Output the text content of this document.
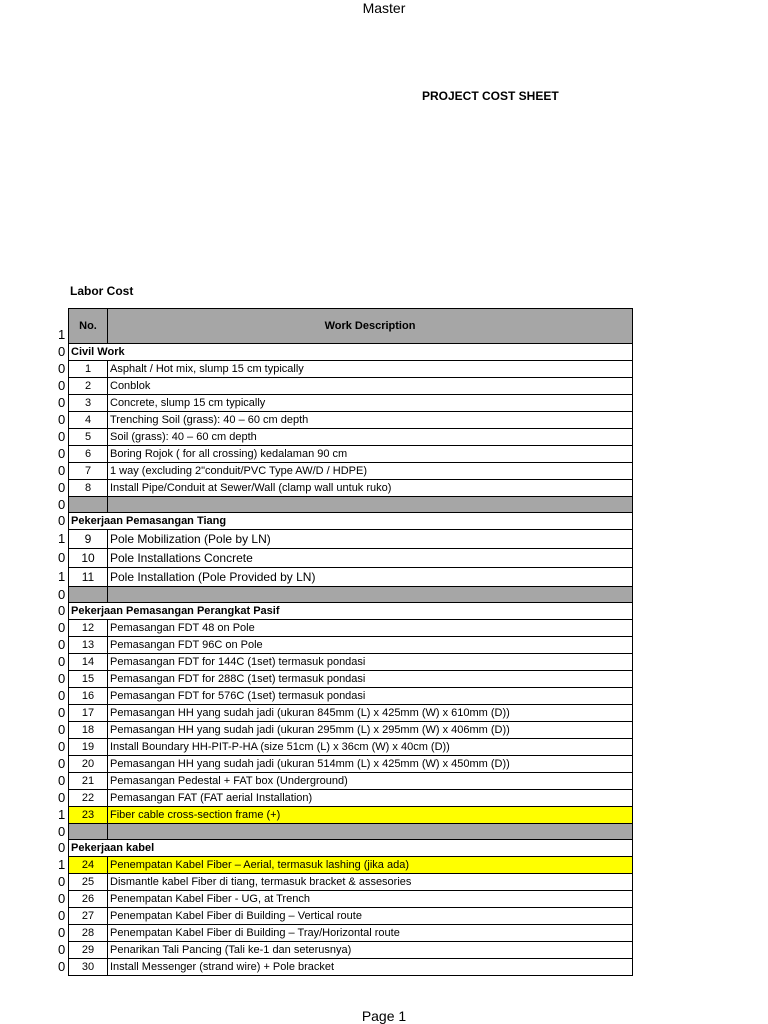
Master
PROJECT COST SHEET
Labor Cost
1
0
0
0
0
0
0
0
0
0
0
0
1
0
1
0
0
0
0
0
0
0
0
0
0
0
0
0
1
0
0
1
0
0
0
0
0
0
No.	Work Description
Civil Work	
1	Asphalt / Hot mix, slump 15 cm typically
2	Conblok
3	Concrete, slump 15 cm typically
4	Trenching Soil (grass): 40 – 60 cm depth
5	Soil (grass): 40 – 60 cm depth
6	Boring Rojok ( for all crossing) kedalaman 90 cm
7	1 way (excluding 2"conduit/PVC Type AW/D / HDPE)
8	Install Pipe/Conduit at Sewer/Wall (clamp wall untuk ruko)

Pekerjaan Pemasangan Tiang	
9	Pole Mobilization (Pole by LN)
10	Pole Installations Concrete
11	Pole Installation (Pole Provided by LN)

Pekerjaan Pemasangan Perangkat Pasif	
12	Pemasangan FDT 48 on Pole
13	Pemasangan FDT 96C on Pole
14	Pemasangan FDT for 144C (1set) termasuk pondasi
15	Pemasangan FDT for 288C (1set) termasuk pondasi
16	Pemasangan FDT for 576C (1set) termasuk pondasi
17	Pemasangan HH yang sudah jadi (ukuran 845mm (L) x 425mm (W) x 610mm (D))
18	Pemasangan HH yang sudah jadi (ukuran 295mm (L) x 295mm (W) x 406mm (D))
19	Install Boundary HH-PIT-P-HA (size 51cm (L) x 36cm (W) x 40cm (D))
20	Pemasangan HH yang sudah jadi (ukuran 514mm (L) x 425mm (W) x 450mm (D))
21	Pemasangan Pedestal + FAT box (Underground)
22	Pemasangan FAT (FAT aerial Installation)
23	Fiber cable cross-section frame (+)

Pekerjaan kabel	
24	Penempatan Kabel Fiber – Aerial, termasuk lashing (jika ada)
25	Dismantle kabel Fiber di tiang, termasuk bracket & assesories
26	Penempatan Kabel Fiber - UG, at Trench
27	Penempatan Kabel Fiber di Building – Vertical route
28	Penempatan Kabel Fiber di Building – Tray/Horizontal route
29	Penarikan Tali Pancing (Tali ke-1 dan seterusnya)
30	Install Messenger (strand wire) + Pole bracket
Page 1
